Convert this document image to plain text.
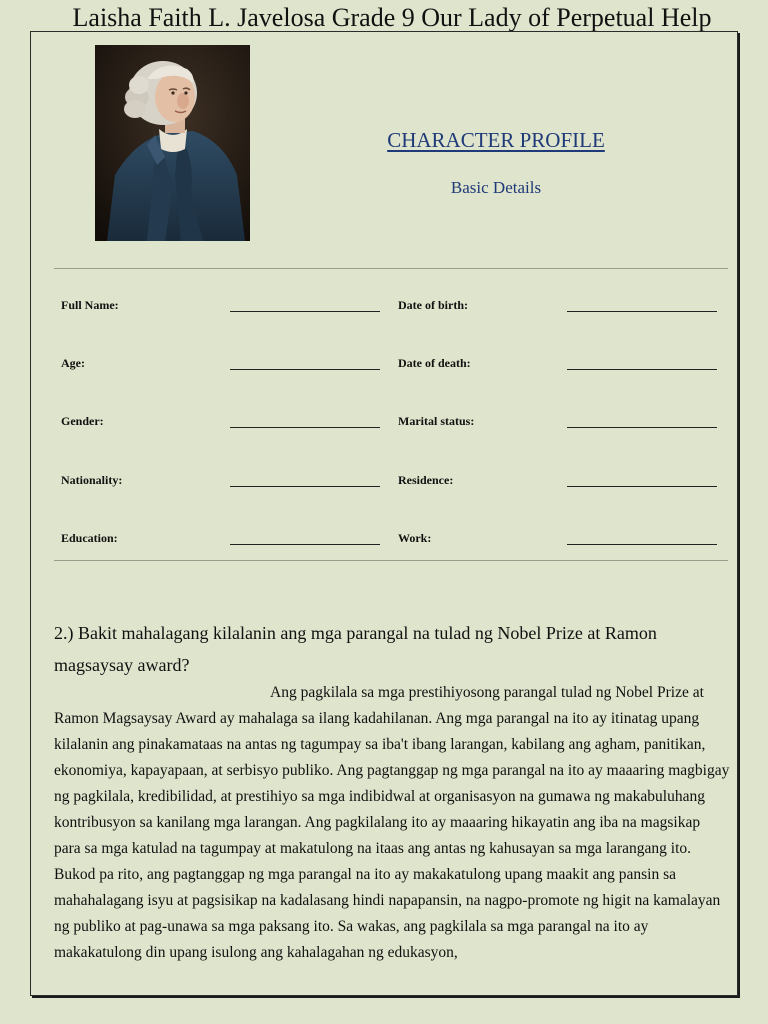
Laisha Faith L. Javelosa Grade 9 Our Lady of Perpetual Help
CHARACTER PROFILE
Basic Details
Full Name:
Age:
Gender:
Nationality:
Education:
Date of birth:
Date of death:
Marital status:
Residence:
Work:
2.) Bakit mahalagang kilalanin ang mga parangal na tulad ng Nobel Prize at Ramon magsaysay award?
Ang pagkilala sa mga prestihiyosong parangal tulad ng Nobel Prize at Ramon Magsaysay Award ay mahalaga sa ilang kadahilanan. Ang mga parangal na ito ay itinatag upang kilalanin ang pinakamataas na antas ng tagumpay sa iba't ibang larangan, kabilang ang agham, panitikan, ekonomiya, kapayapaan, at serbisyo publiko. Ang pagtanggap ng mga parangal na ito ay maaaring magbigay ng pagkilala, kredibilidad, at prestihiyo sa mga indibidwal at organisasyon na gumawa ng makabuluhang kontribusyon sa kanilang mga larangan. Ang pagkilalang ito ay maaaring hikayatin ang iba na magsikap para sa mga katulad na tagumpay at makatulong na itaas ang antas ng kahusayan sa mga larangang ito. Bukod pa rito, ang pagtanggap ng mga parangal na ito ay makakatulong upang maakit ang pansin sa mahahalagang isyu at pagsisikap na kadalasang hindi napapansin, na nagpo-promote ng higit na kamalayan ng publiko at pag-unawa sa mga paksang ito. Sa wakas, ang pagkilala sa mga parangal na ito ay makakatulong din upang isulong ang kahalagahan ng edukasyon,
